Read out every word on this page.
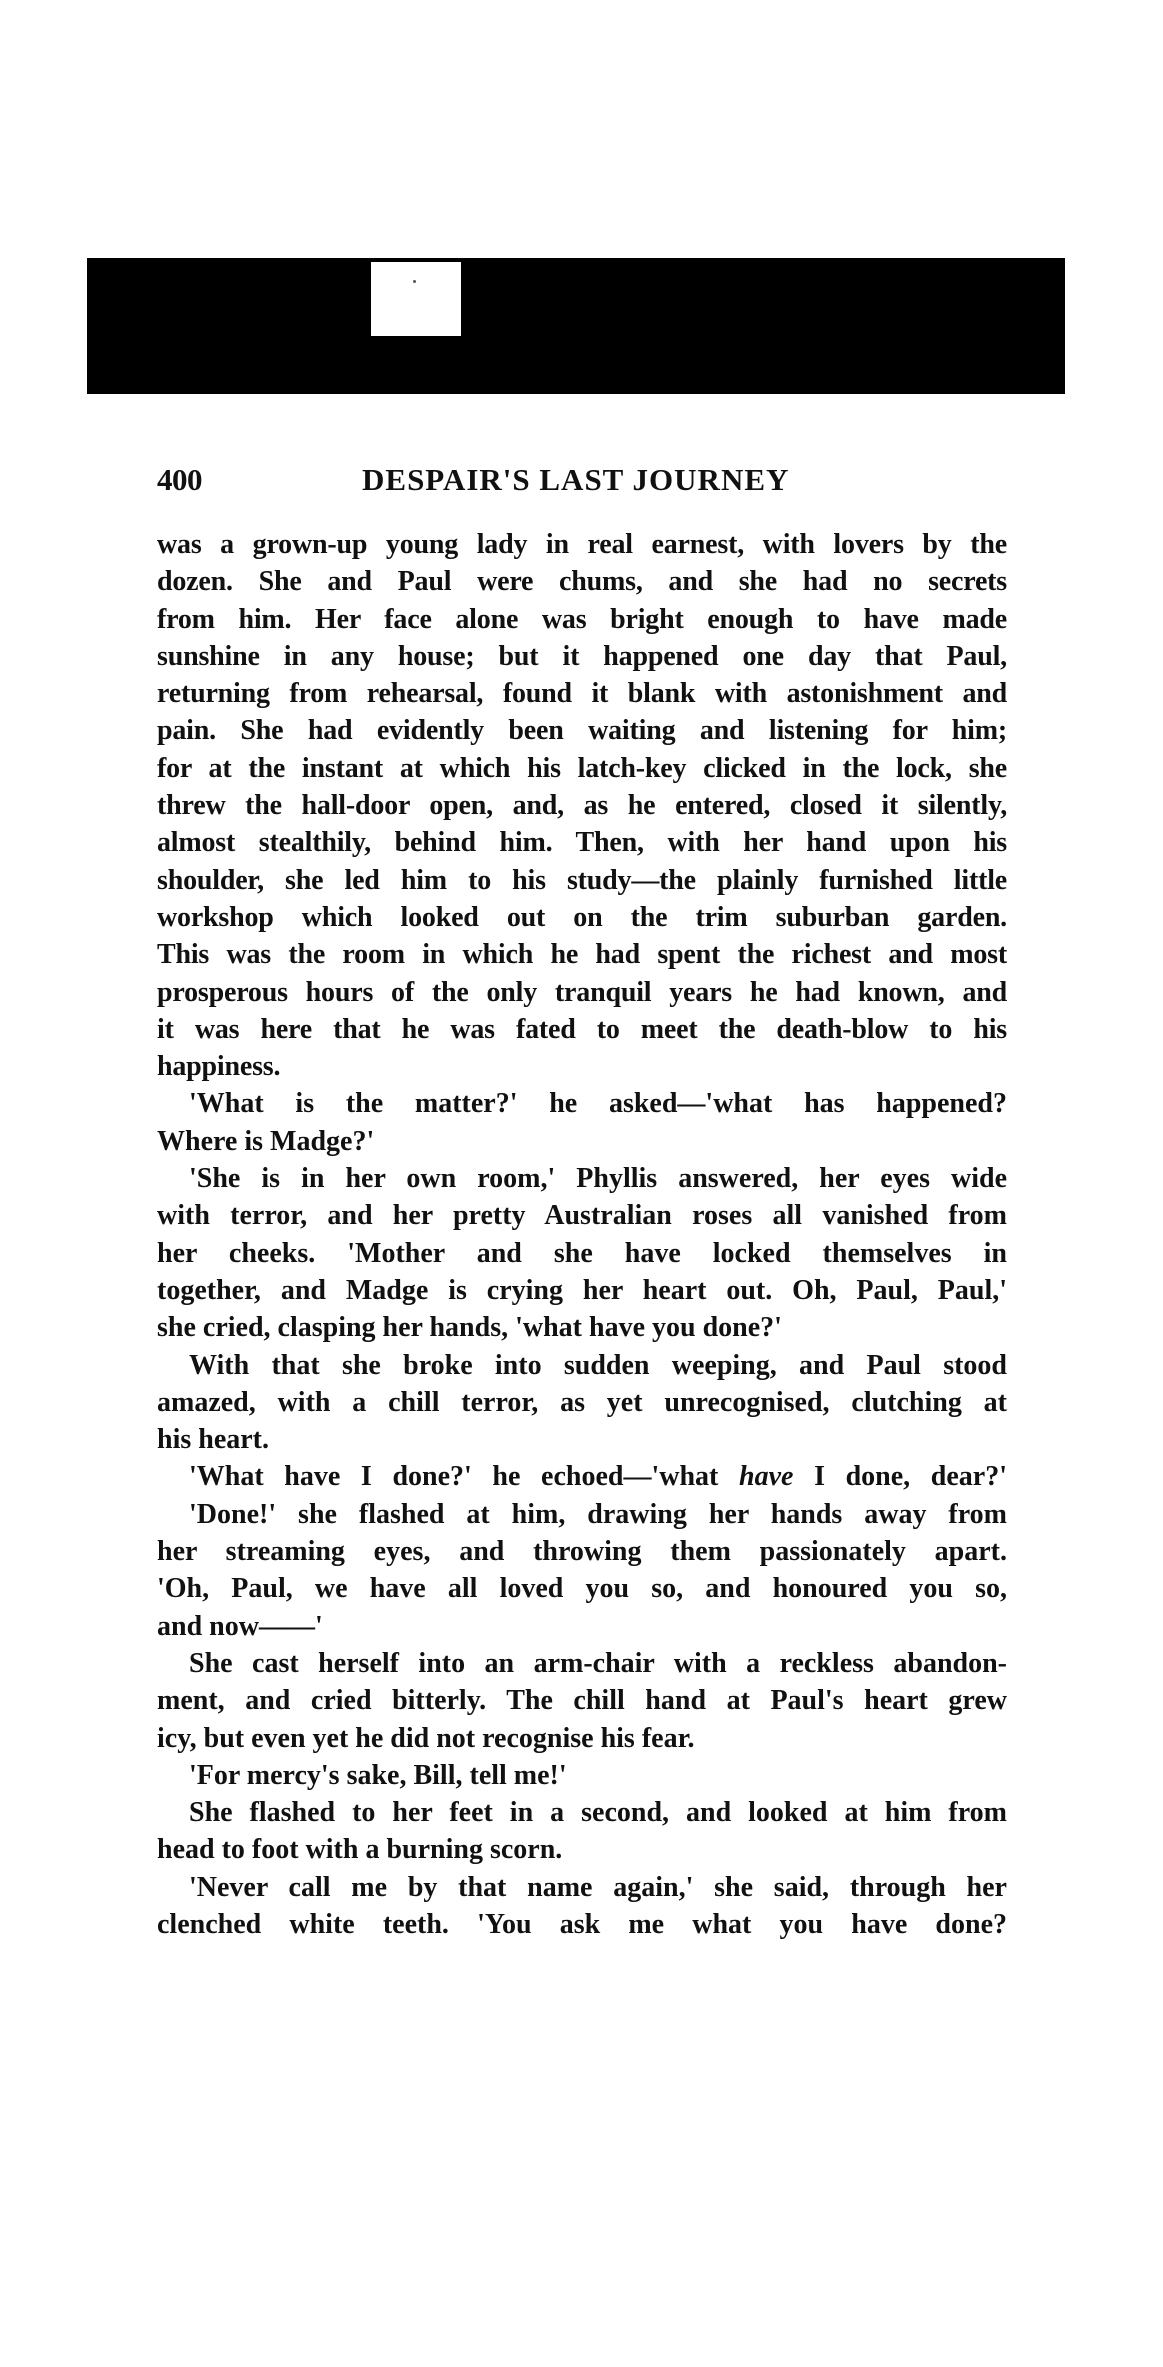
400	DESPAIR'S LAST JOURNEY
was a grown-up young lady in real earnest, with lovers by the
dozen. She and Paul were chums, and she had no secrets
from him. Her face alone was bright enough to have made
sunshine in any house; but it happened one day that Paul,
returning from rehearsal, found it blank with astonishment and
pain. She had evidently been waiting and listening for him;
for at the instant at which his latch-key clicked in the lock, she
threw the hall-door open, and, as he entered, closed it silently,
almost stealthily, behind him. Then, with her hand upon his
shoulder, she led him to his study—the plainly furnished little
workshop which looked out on the trim suburban garden.
This was the room in which he had spent the richest and most
prosperous hours of the only tranquil years he had known, and
it was here that he was fated to meet the death-blow to his
happiness.
'What is the matter?' he asked—'what has happened?
Where is Madge?'
'She is in her own room,' Phyllis answered, her eyes wide
with terror, and her pretty Australian roses all vanished from
her cheeks. 'Mother and she have locked themselves in
together, and Madge is crying her heart out. Oh, Paul, Paul,'
she cried, clasping her hands, 'what have you done?'
With that she broke into sudden weeping, and Paul stood
amazed, with a chill terror, as yet unrecognised, clutching at
his heart.
'What have I done?' he echoed—'what have I done, dear?'
'Done!' she flashed at him, drawing her hands away from
her streaming eyes, and throwing them passionately apart.
'Oh, Paul, we have all loved you so, and honoured you so,
and now——'
She cast herself into an arm-chair with a reckless abandon-
ment, and cried bitterly. The chill hand at Paul's heart grew
icy, but even yet he did not recognise his fear.
'For mercy's sake, Bill, tell me!'
She flashed to her feet in a second, and looked at him from
head to foot with a burning scorn.
'Never call me by that name again,' she said, through her
clenched white teeth. 'You ask me what you have done?
